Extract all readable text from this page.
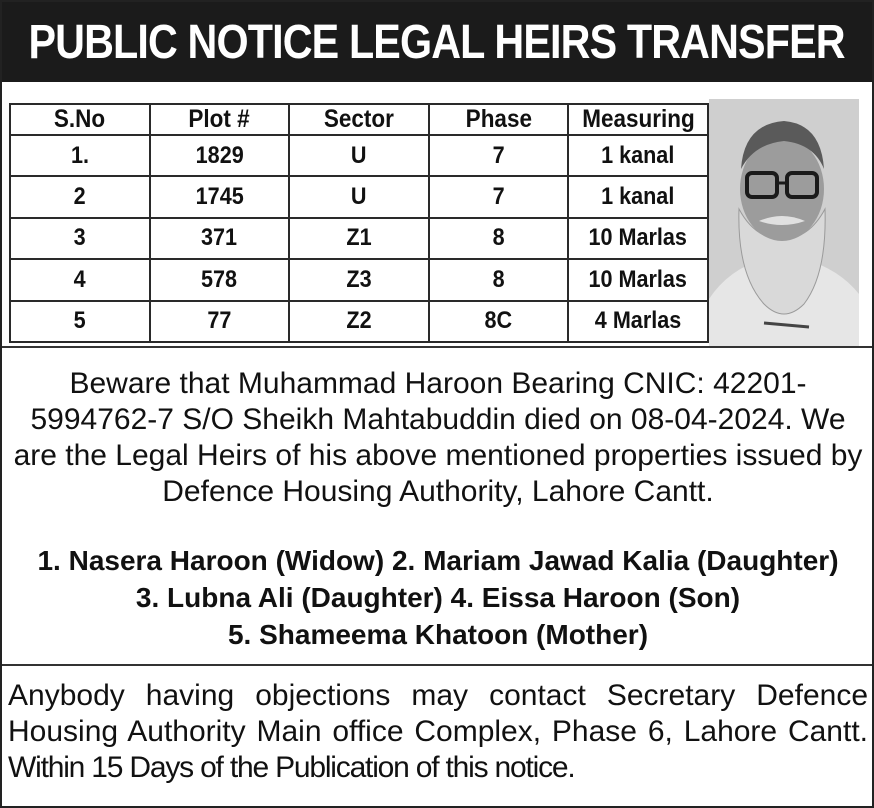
PUBLIC NOTICE LEGAL HEIRS TRANSFER
S.No	Plot #	Sector	Phase	Measuring
1.	1829	U	7	1 kanal
2	1745	U	7	1 kanal
3	371	Z1	8	10 Marlas
4	578	Z3	8	10 Marlas
5	77	Z2	8C	4 Marlas
Beware that Muhammad Haroon Bearing CNIC: 42201-5994762-7 S/O Sheikh Mahtabuddin died on 08-04-2024. We are the Legal Heirs of his above mentioned properties issued by Defence Housing Authority, Lahore Cantt.
1. Nasera Haroon (Widow) 2. Mariam Jawad Kalia (Daughter)
3. Lubna Ali (Daughter) 4. Eissa Haroon (Son)
5. Shameema Khatoon (Mother)
Anybody having objections may contact Secretary Defence
Housing Authority Main office Complex, Phase 6, Lahore Cantt.
Within 15 Days of the Publication of this notice.
